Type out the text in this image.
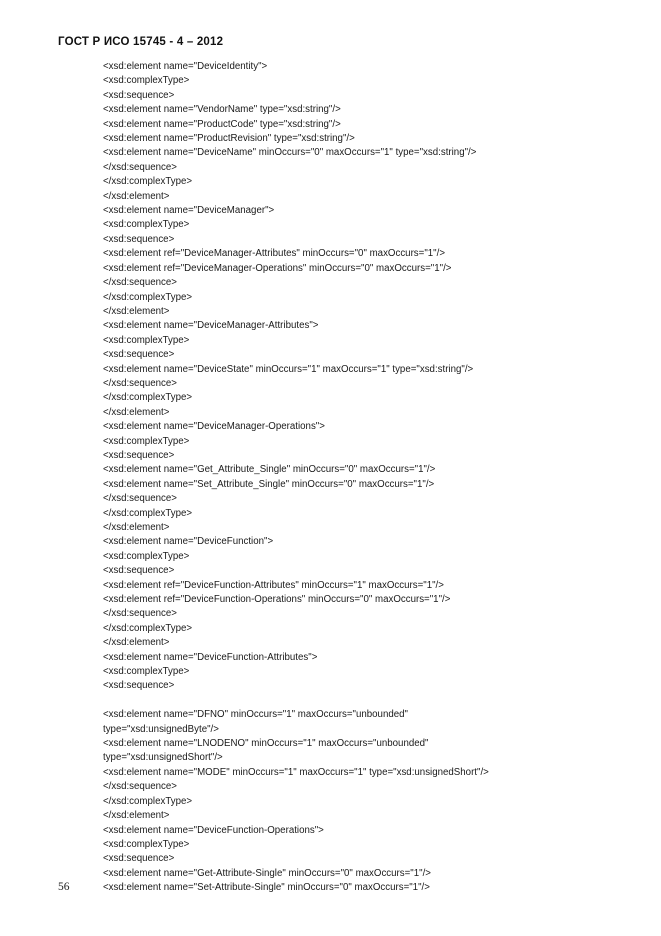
ГОСТ Р ИСО 15745 - 4 – 2012
<xsd:element name="DeviceIdentity">
<xsd:complexType>
<xsd:sequence>
<xsd:element name="VendorName" type="xsd:string"/>
<xsd:element name="ProductCode" type="xsd:string"/>
<xsd:element name="ProductRevision" type="xsd:string"/>
<xsd:element name="DeviceName" minOccurs="0" maxOccurs="1" type="xsd:string"/>
</xsd:sequence>
</xsd:complexType>
</xsd:element>
<xsd:element name="DeviceManager">
<xsd:complexType>
<xsd:sequence>
<xsd:element ref="DeviceManager-Attributes" minOccurs="0" maxOccurs="1"/>
<xsd:element ref="DeviceManager-Operations" minOccurs="0" maxOccurs="1"/>
</xsd:sequence>
</xsd:complexType>
</xsd:element>
<xsd:element name="DeviceManager-Attributes">
<xsd:complexType>
<xsd:sequence>
<xsd:element name="DeviceState" minOccurs="1" maxOccurs="1" type="xsd:string"/>
</xsd:sequence>
</xsd:complexType>
</xsd:element>
<xsd:element name="DeviceManager-Operations">
<xsd:complexType>
<xsd:sequence>
<xsd:element name="Get_Attribute_Single" minOccurs="0" maxOccurs="1"/>
<xsd:element name="Set_Attribute_Single" minOccurs="0" maxOccurs="1"/>
</xsd:sequence>
</xsd:complexType>
</xsd:element>
<xsd:element name="DeviceFunction">
<xsd:complexType>
<xsd:sequence>
<xsd:element ref="DeviceFunction-Attributes" minOccurs="1" maxOccurs="1"/>
<xsd:element ref="DeviceFunction-Operations" minOccurs="0" maxOccurs="1"/>
</xsd:sequence>
</xsd:complexType>
</xsd:element>
<xsd:element name="DeviceFunction-Attributes">
<xsd:complexType>
<xsd:sequence>
<xsd:element name="DFNO" minOccurs="1" maxOccurs="unbounded"
type="xsd:unsignedByte"/>
<xsd:element name="LNODENO" minOccurs="1" maxOccurs="unbounded"
type="xsd:unsignedShort"/>
<xsd:element name="MODE" minOccurs="1" maxOccurs="1" type="xsd:unsignedShort"/>
</xsd:sequence>
</xsd:complexType>
</xsd:element>
<xsd:element name="DeviceFunction-Operations">
<xsd:complexType>
<xsd:sequence>
<xsd:element name="Get-Attribute-Single" minOccurs="0" maxOccurs="1"/>
<xsd:element name="Set-Attribute-Single" minOccurs="0" maxOccurs="1"/>
56
